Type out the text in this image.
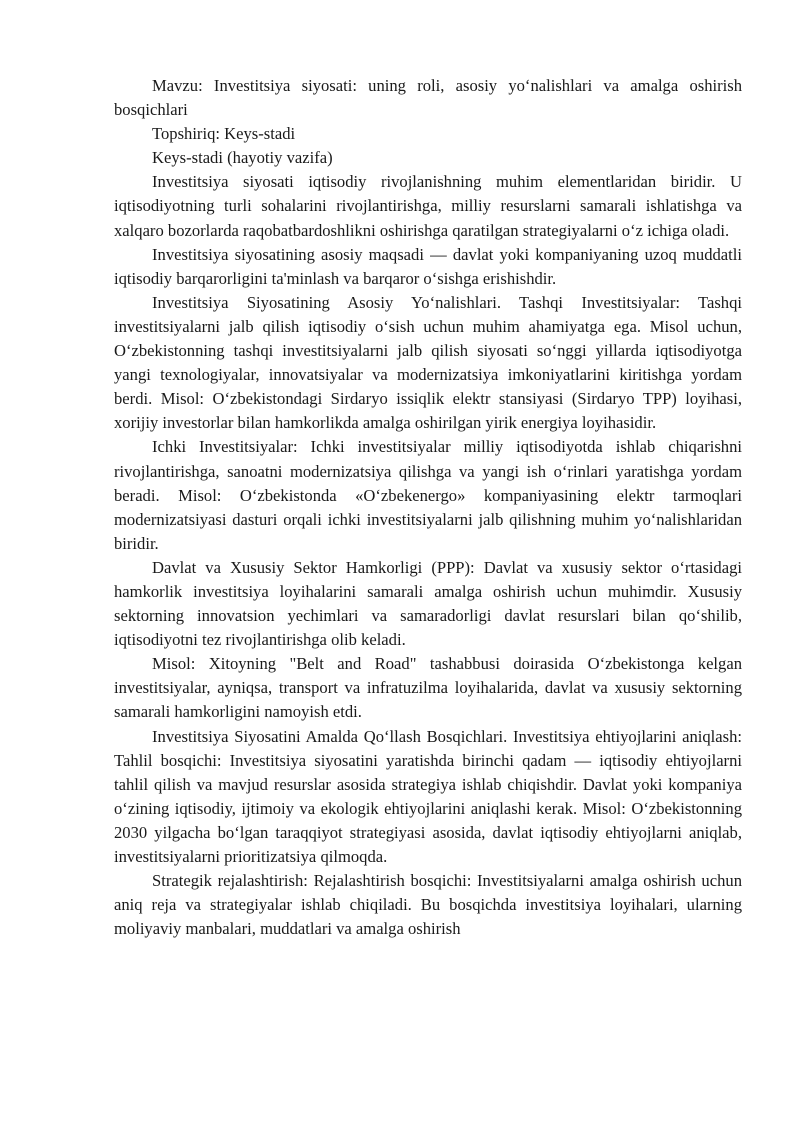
Mavzu: Investitsiya siyosati: uning roli, asosiy yoʻnalishlari va amalga oshirish bosqichlari

Topshiriq: Keys-stadi

Keys-stadi (hayotiy vazifa)

Investitsiya siyosati iqtisodiy rivojlanishning muhim elementlaridan biridir. U iqtisodiyotning turli sohalarini rivojlantirishga, milliy resurslarni samarali ishlatishga va xalqaro bozorlarda raqobatbardoshlikni oshirishga qaratilgan strategiyalarni oʻz ichiga oladi.

Investitsiya siyosatining asosiy maqsadi — davlat yoki kompaniyaning uzoq muddatli iqtisodiy barqarorligini ta'minlash va barqaror oʻsishga erishishdir.

Investitsiya Siyosatining Asosiy Yoʻnalishlari. Tashqi Investitsiyalar: Tashqi investitsiyalarni jalb qilish iqtisodiy oʻsish uchun muhim ahamiyatga ega. Misol uchun, Oʻzbekistonning tashqi investitsiyalarni jalb qilish siyosati soʻnggi yillarda iqtisodiyotga yangi texnologiyalar, innovatsiyalar va modernizatsiya imkoniyatlarini kiritishga yordam berdi. Misol: Oʻzbekistondagi Sirdaryo issiqlik elektr stansiyasi (Sirdaryo TPP) loyihasi, xorijiy investorlar bilan hamkorlikda amalga oshirilgan yirik energiya loyihasidir.

Ichki Investitsiyalar: Ichki investitsiyalar milliy iqtisodiyotda ishlab chiqarishni rivojlantirishga, sanoatni modernizatsiya qilishga va yangi ish oʻrinlari yaratishga yordam beradi. Misol: Oʻzbekistonda «Oʻzbekenergo» kompaniyasining elektr tarmoqlari modernizatsiyasi dasturi orqali ichki investitsiyalarni jalb qilishning muhim yoʻnalishlaridan biridir.

Davlat va Xususiy Sektor Hamkorligi (PPP): Davlat va xususiy sektor oʻrtasidagi hamkorlik investitsiya loyihalarini samarali amalga oshirish uchun muhimdir. Xususiy sektorning innovatsion yechimlari va samaradorligi davlat resurslari bilan qoʻshilib, iqtisodiyotni tez rivojlantirishga olib keladi.

Misol: Xitoyning "Belt and Road" tashabbusi doirasida Oʻzbekistonga kelgan investitsiyalar, ayniqsa, transport va infratuzilma loyihalarida, davlat va xususiy sektorning samarali hamkorligini namoyish etdi.

Investitsiya Siyosatini Amalda Qoʻllash Bosqichlari. Investitsiya ehtiyojlarini aniqlash: Tahlil bosqichi: Investitsiya siyosatini yaratishda birinchi qadam — iqtisodiy ehtiyojlarni tahlil qilish va mavjud resurslar asosida strategiya ishlab chiqishdir. Davlat yoki kompaniya oʻzining iqtisodiy, ijtimoiy va ekologik ehtiyojlarini aniqlashi kerak. Misol: Oʻzbekistonning 2030 yilgacha boʻlgan taraqqiyot strategiyasi asosida, davlat iqtisodiy ehtiyojlarni aniqlab, investitsiyalarni prioritizatsiya qilmoqda.

Strategik rejalashtirish: Rejalashtirish bosqichi: Investitsiyalarni amalga oshirish uchun aniq reja va strategiyalar ishlab chiqiladi. Bu bosqichda investitsiya loyihalari, ularning moliyaviy manbalari, muddatlari va amalga oshirish
